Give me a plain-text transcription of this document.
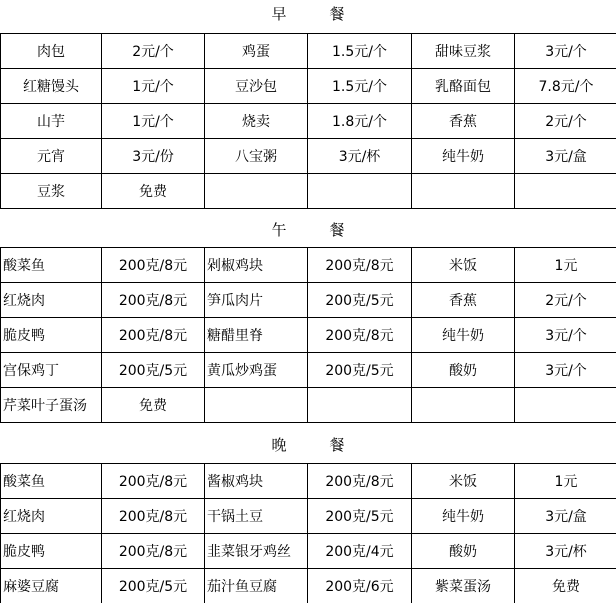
早　餐
肉包	2元/个	鸡蛋	1.5元/个	甜味豆浆	3元/个
红糖馒头	1元/个	豆沙包	1.5元/个	乳酪面包	7.8元/个
山芋	1元/个	烧卖	1.8元/个	香蕉	2元/个
元宵	3元/份	八宝粥	3元/杯	纯牛奶	3元/盒
豆浆	免费				
午　餐
酸菜鱼	200克/8元	剁椒鸡块	200克/8元	米饭	1元
红烧肉	200克/8元	笋瓜肉片	200克/5元	香蕉	2元/个
脆皮鸭	200克/8元	糖醋里脊	200克/8元	纯牛奶	3元/个
宫保鸡丁	200克/5元	黄瓜炒鸡蛋	200克/5元	酸奶	3元/个
芹菜叶子蛋汤	免费				
晚　餐
酸菜鱼	200克/8元	酱椒鸡块	200克/8元	米饭	1元
红烧肉	200克/8元	干锅土豆	200克/5元	纯牛奶	3元/盒
脆皮鸭	200克/8元	韭菜银牙鸡丝	200克/4元	酸奶	3元/杯
麻婆豆腐	200克/5元	茄汁鱼豆腐	200克/6元	紫菜蛋汤	免费
